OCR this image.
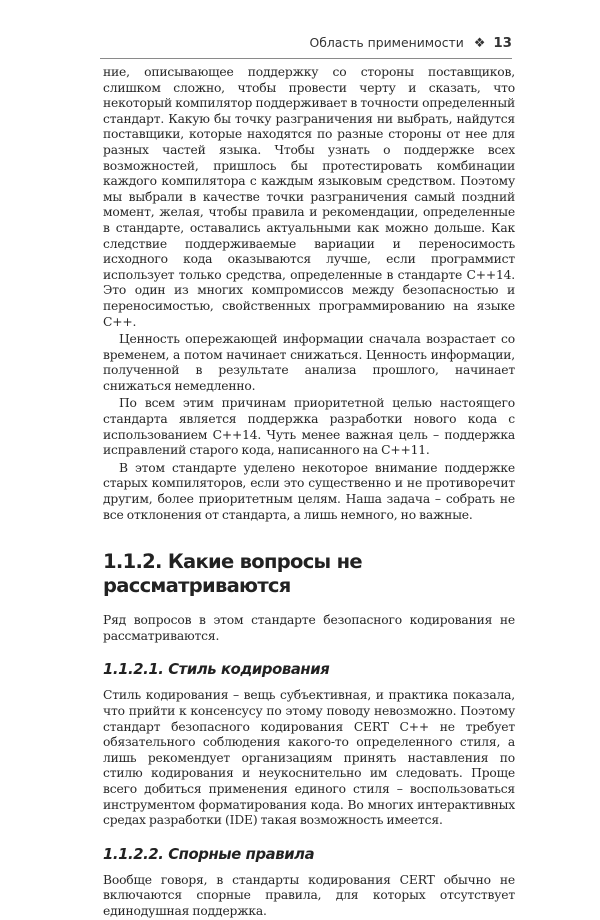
Область применимости ❖ 13

ние, описывающее поддержку со стороны поставщиков, слишком сложно, чтобы провести черту и сказать, что некоторый компилятор поддерживает в точности определенный стандарт. Какую бы точку разграничения ни выбрать, найдутся поставщики, которые находятся по разные стороны от нее для разных частей языка. Чтобы узнать о поддержке всех возможностей, пришлось бы протестировать комбинации каждого компилятора с каждым языковым средством. Поэтому мы выбрали в качестве точки разграничения самый поздний момент, желая, чтобы правила и рекомендации, определенные в стандарте, оставались актуальными как можно дольше. Как следствие поддерживаемые вариации и переносимость исходного кода оказываются лучше, если программист использует только средства, определенные в стандарте C++14. Это один из многих компромиссов между безопасностью и переносимостью, свойственных программированию на языке C++.

Ценность опережающей информации сначала возрастает со временем, а потом начинает снижаться. Ценность информации, полученной в результате анализа прошлого, начинает снижаться немедленно.

По всем этим причинам приоритетной целью настоящего стандарта является поддержка разработки нового кода с использованием C++14. Чуть менее важная цель – поддержка исправлений старого кода, написанного на C++11.

В этом стандарте уделено некоторое внимание поддержке старых компиляторов, если это существенно и не противоречит другим, более приоритетным целям. Наша задача – собрать не все отклонения от стандарта, а лишь немного, но важные.

1.1.2. Какие вопросы не рассматриваются

Ряд вопросов в этом стандарте безопасного кодирования не рассматриваются.

1.1.2.1. Стиль кодирования

Стиль кодирования – вещь субъективная, и практика показала, что прийти к консенсусу по этому поводу невозможно. Поэтому стандарт безопасного кодирования CERT C++ не требует обязательного соблюдения какого-то определенного стиля, а лишь рекомендует организациям принять наставления по стилю кодирования и неукоснительно им следовать. Проще всего добиться применения единого стиля – воспользоваться инструментом форматирования кода. Во многих интерактивных средах разработки (IDE) такая возможность имеется.

1.1.2.2. Спорные правила

Вообще говоря, в стандарты кодирования CERT обычно не включаются спорные правила, для которых отсутствует единодушная поддержка.
